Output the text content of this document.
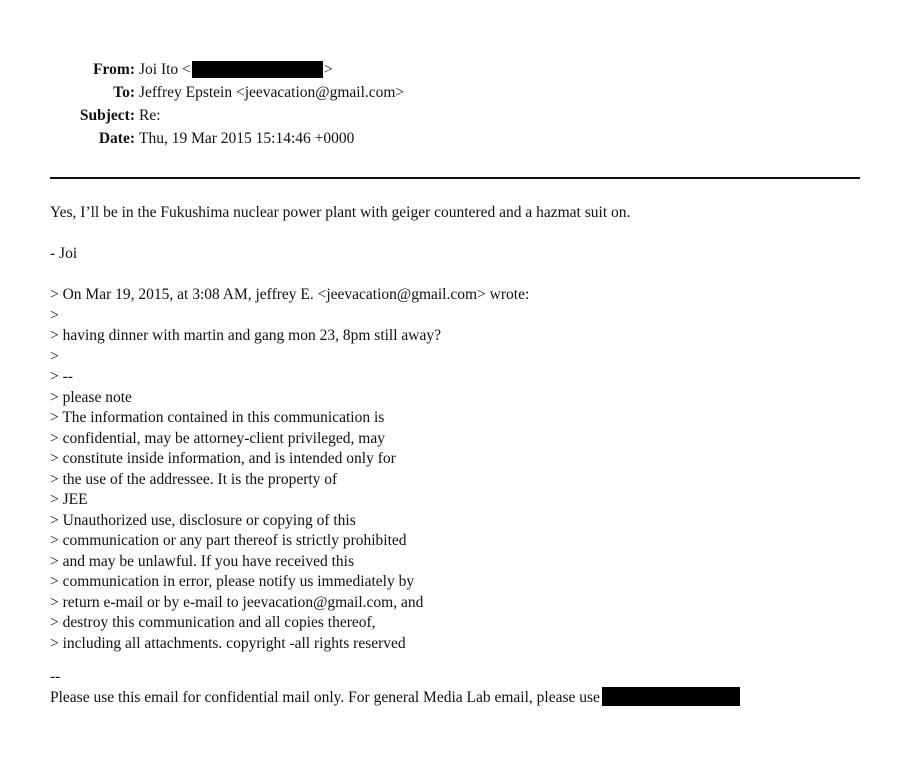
From: Joi Ito <	>
To: Jeffrey Epstein <jeevacation@gmail.com>
Subject: Re:
Date: Thu, 19 Mar 2015 15:14:46 +0000
Yes, I’ll be in the Fukushima nuclear power plant with geiger countered and a hazmat suit on.
- Joi
> On Mar 19, 2015, at 3:08 AM, jeffrey E. <jeevacation@gmail.com> wrote:
>
> having dinner with martin and gang mon 23, 8pm still away?
>
> --
> please note
> The information contained in this communication is
> confidential, may be attorney-client privileged, may
> constitute inside information, and is intended only for
> the use of the addressee. It is the property of
> JEE
> Unauthorized use, disclosure or copying of this
> communication or any part thereof is strictly prohibited
> and may be unlawful. If you have received this
> communication in error, please notify us immediately by
> return e-mail or by e-mail to jeevacation@gmail.com, and
> destroy this communication and all copies thereof,
> including all attachments. copyright -all rights reserved
--
Please use this email for confidential mail only. For general Media Lab email, please use
